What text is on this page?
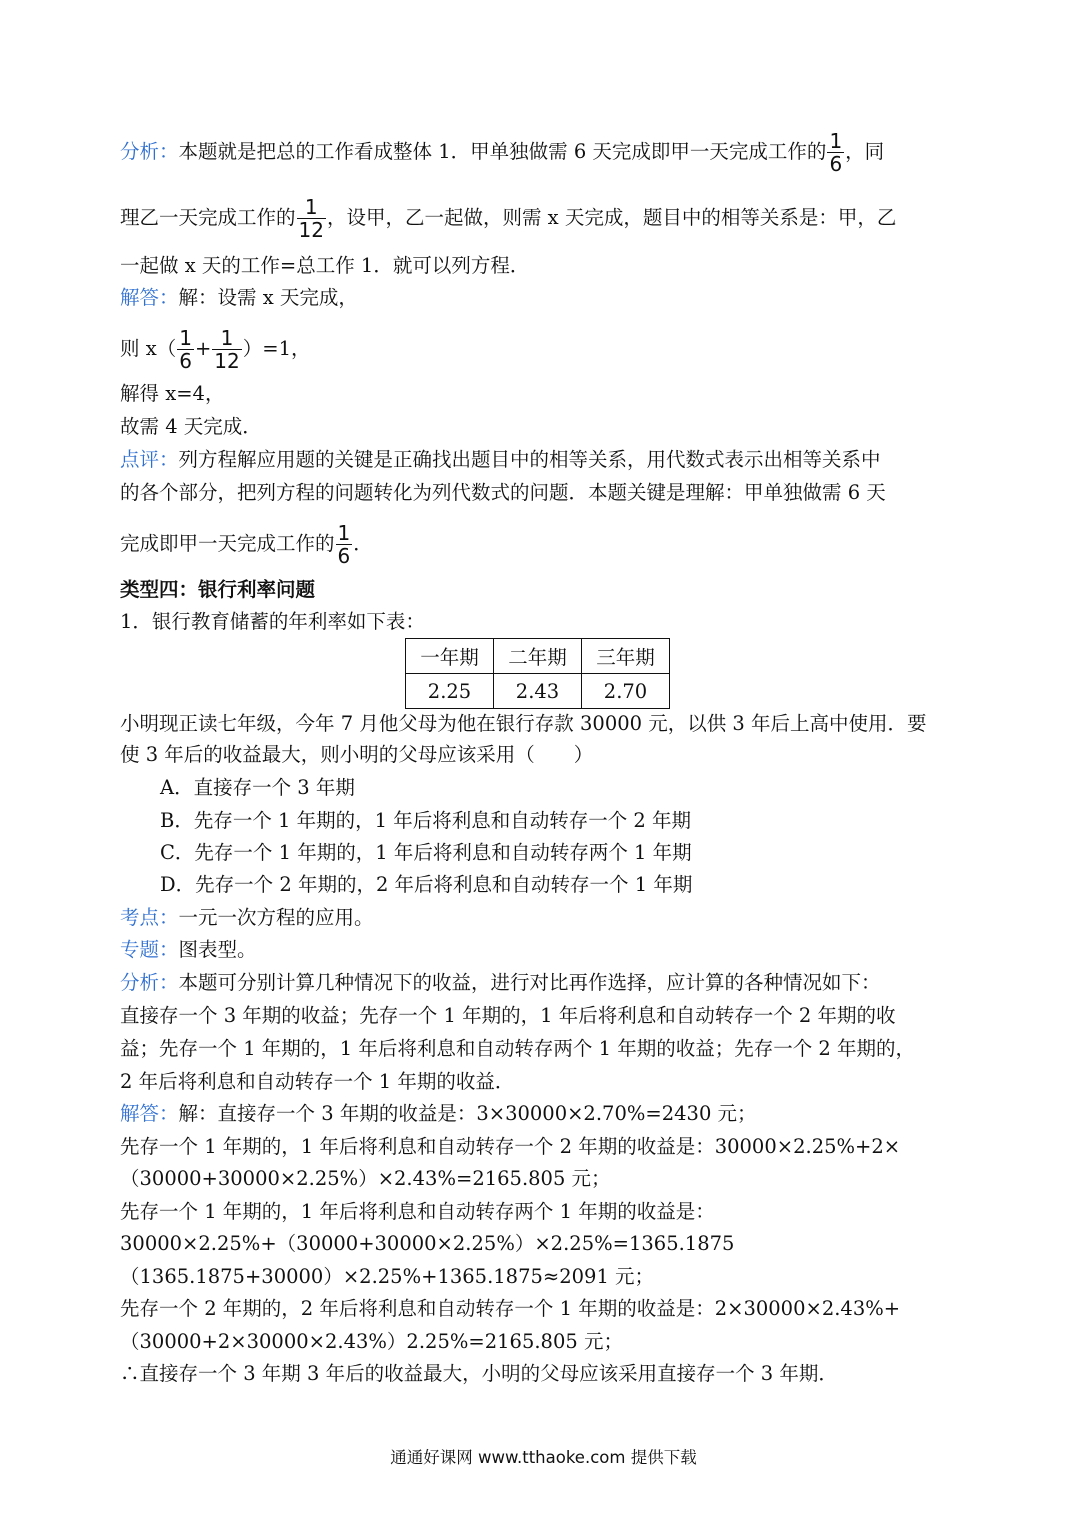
分析：本题就是把总的工作看成整体 1．甲单独做需 6 天完成即甲一天完成工作的 $\frac{1}{6}$ ，同
理乙一天完成工作的 $\frac{1}{12}$ ，设甲，乙一起做，则需 x 天完成，题目中的相等关系是：甲，乙
一起做 x 天的工作=总工作 1．就可以列方程．
解答：解：设需 x 天完成，
则 $x( \frac{1}{6} + \frac{1}{12} )=1$，
解得 x=4，
故需 4 天完成．
点评：列方程解应用题的关键是正确找出题目中的相等关系，用代数式表示出相等关系中
的各个部分，把列方程的问题转化为列代数式的问题．本题关键是理解：甲单独做需 6 天
完成即甲一天完成工作的 $\frac{1}{6}$ ．
类型四：银行利率问题
1．银行教育储蓄的年利率如下表：
一年期	二年期	三年期
2.25	2.43	2.70
小明现正读七年级，今年 7 月他父母为他在银行存款 30000 元，以供 3 年后上高中使用．要
使 3 年后的收益最大，则小明的父母应该采用（　　）
A．直接存一个 3 年期
B．先存一个 1 年期的，1 年后将利息和自动转存一个 2 年期
C．先存一个 1 年期的，1 年后将利息和自动转存两个 1 年期
D．先存一个 2 年期的，2 年后将利息和自动转存一个 1 年期
考点：一元一次方程的应用。
专题：图表型。
分析：本题可分别计算几种情况下的收益，进行对比再作选择，应计算的各种情况如下：
直接存一个 3 年期的收益；先存一个 1 年期的，1 年后将利息和自动转存一个 2 年期的收
益；先存一个 1 年期的，1 年后将利息和自动转存两个 1 年期的收益；先存一个 2 年期的，
2 年后将利息和自动转存一个 1 年期的收益．
解答：解：直接存一个 3 年期的收益是：3×30000×2.70%=2430 元；
先存一个 1 年期的，1 年后将利息和自动转存一个 2 年期的收益是：30000×2.25%+2×
（30000+30000×2.25%）×2.43%=2165.805 元；
先存一个 1 年期的，1 年后将利息和自动转存两个 1 年期的收益是：
30000×2.25%+（30000+30000×2.25%）×2.25%=1365.1875
（1365.1875+30000）×2.25%+1365.1875≈2091 元；
先存一个 2 年期的，2 年后将利息和自动转存一个 1 年期的收益是：2×30000×2.43%+
（30000+2×30000×2.43%）2.25%=2165.805 元；
∴直接存一个 3 年期 3 年后的收益最大，小明的父母应该采用直接存一个 3 年期．
通通好课网 www.tthaoke.com 提供下载
